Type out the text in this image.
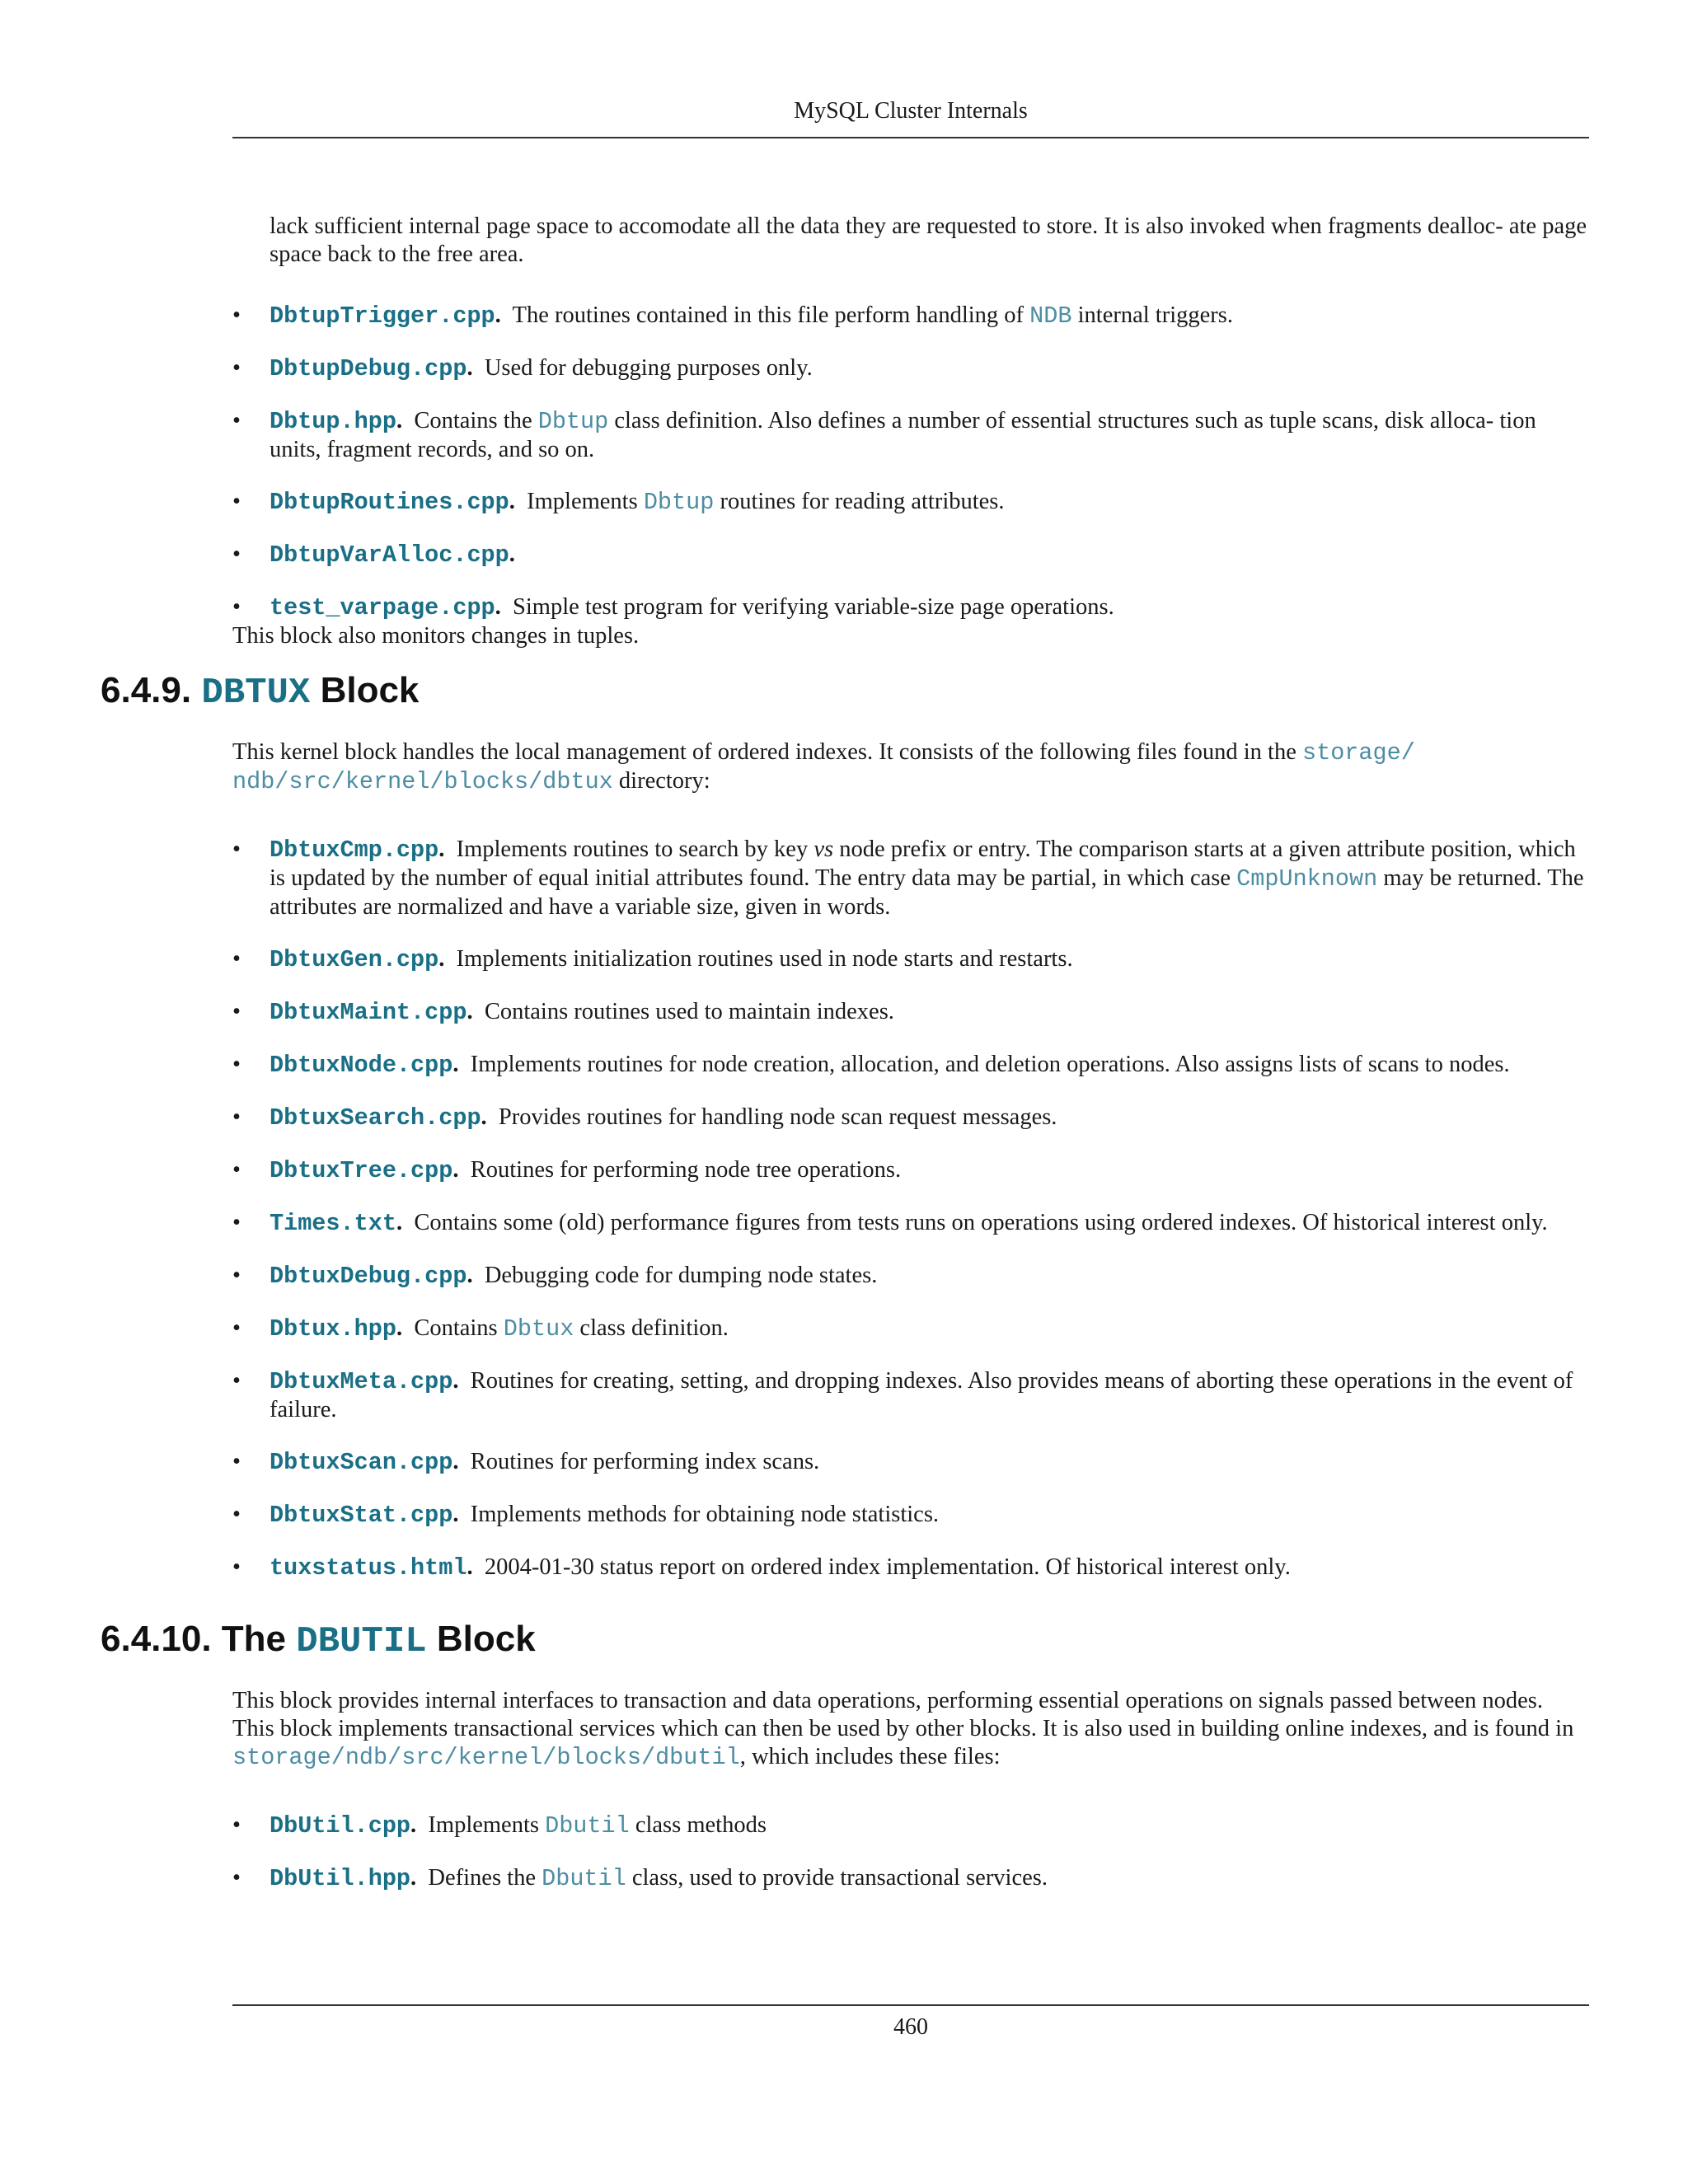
MySQL Cluster Internals

lack sufficient internal page space to accomodate all the data they are requested to store. It is also invoked when fragments dealloc- ate page space back to the free area.

• DbtupTrigger.cpp. The routines contained in this file perform handling of NDB internal triggers.
• DbtupDebug.cpp. Used for debugging purposes only.
• Dbtup.hpp. Contains the Dbtup class definition. Also defines a number of essential structures such as tuple scans, disk alloca- tion units, fragment records, and so on.
• DbtupRoutines.cpp. Implements Dbtup routines for reading attributes.
• DbtupVarAlloc.cpp.
• test_varpage.cpp. Simple test program for verifying variable-size page operations.

This block also monitors changes in tuples.

6.4.9. DBTUX Block

This kernel block handles the local management of ordered indexes. It consists of the following files found in the storage/ ndb/src/kernel/blocks/dbtux directory:

• DbtuxCmp.cpp. Implements routines to search by key vs node prefix or entry. The comparison starts at a given attribute position, which is updated by the number of equal initial attributes found. The entry data may be partial, in which case CmpUnknown may be returned. The attributes are normalized and have a variable size, given in words.
• DbtuxGen.cpp. Implements initialization routines used in node starts and restarts.
• DbtuxMaint.cpp. Contains routines used to maintain indexes.
• DbtuxNode.cpp. Implements routines for node creation, allocation, and deletion operations. Also assigns lists of scans to nodes.
• DbtuxSearch.cpp. Provides routines for handling node scan request messages.
• DbtuxTree.cpp. Routines for performing node tree operations.
• Times.txt. Contains some (old) performance figures from tests runs on operations using ordered indexes. Of historical interest only.
• DbtuxDebug.cpp. Debugging code for dumping node states.
• Dbtux.hpp. Contains Dbtux class definition.
• DbtuxMeta.cpp. Routines for creating, setting, and dropping indexes. Also provides means of aborting these operations in the event of failure.
• DbtuxScan.cpp. Routines for performing index scans.
• DbtuxStat.cpp. Implements methods for obtaining node statistics.
• tuxstatus.html. 2004-01-30 status report on ordered index implementation. Of historical interest only.
6.4.10. The DBUTIL Block

This block provides internal interfaces to transaction and data operations, performing essential operations on signals passed between nodes. This block implements transactional services which can then be used by other blocks. It is also used in building online indexes, and is found in storage/ndb/src/kernel/blocks/dbutil, which includes these files:

• DbUtil.cpp. Implements Dbutil class methods
• DbUtil.hpp. Defines the Dbutil class, used to provide transactional services.
460
